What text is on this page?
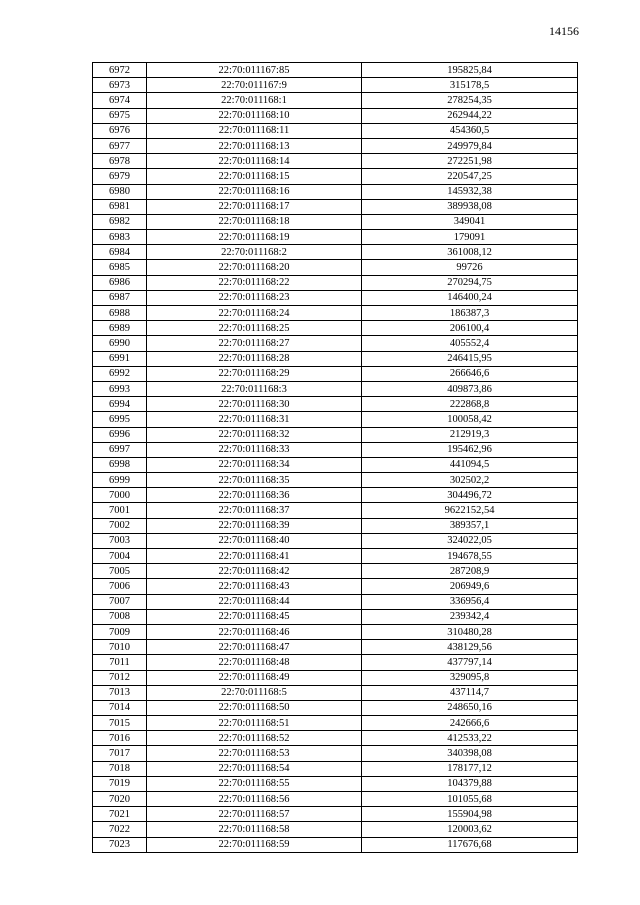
14156
6972	22:70:011167:85	195825,84
6973	22:70:011167:9	315178,5
6974	22:70:011168:1	278254,35
6975	22:70:011168:10	262944,22
6976	22:70:011168:11	454360,5
6977	22:70:011168:13	249979,84
6978	22:70:011168:14	272251,98
6979	22:70:011168:15	220547,25
6980	22:70:011168:16	145932,38
6981	22:70:011168:17	389938,08
6982	22:70:011168:18	349041
6983	22:70:011168:19	179091
6984	22:70:011168:2	361008,12
6985	22:70:011168:20	99726
6986	22:70:011168:22	270294,75
6987	22:70:011168:23	146400,24
6988	22:70:011168:24	186387,3
6989	22:70:011168:25	206100,4
6990	22:70:011168:27	405552,4
6991	22:70:011168:28	246415,95
6992	22:70:011168:29	266646,6
6993	22:70:011168:3	409873,86
6994	22:70:011168:30	222868,8
6995	22:70:011168:31	100058,42
6996	22:70:011168:32	212919,3
6997	22:70:011168:33	195462,96
6998	22:70:011168:34	441094,5
6999	22:70:011168:35	302502,2
7000	22:70:011168:36	304496,72
7001	22:70:011168:37	9622152,54
7002	22:70:011168:39	389357,1
7003	22:70:011168:40	324022,05
7004	22:70:011168:41	194678,55
7005	22:70:011168:42	287208,9
7006	22:70:011168:43	206949,6
7007	22:70:011168:44	336956,4
7008	22:70:011168:45	239342,4
7009	22:70:011168:46	310480,28
7010	22:70:011168:47	438129,56
7011	22:70:011168:48	437797,14
7012	22:70:011168:49	329095,8
7013	22:70:011168:5	437114,7
7014	22:70:011168:50	248650,16
7015	22:70:011168:51	242666,6
7016	22:70:011168:52	412533,22
7017	22:70:011168:53	340398,08
7018	22:70:011168:54	178177,12
7019	22:70:011168:55	104379,88
7020	22:70:011168:56	101055,68
7021	22:70:011168:57	155904,98
7022	22:70:011168:58	120003,62
7023	22:70:011168:59	117676,68
